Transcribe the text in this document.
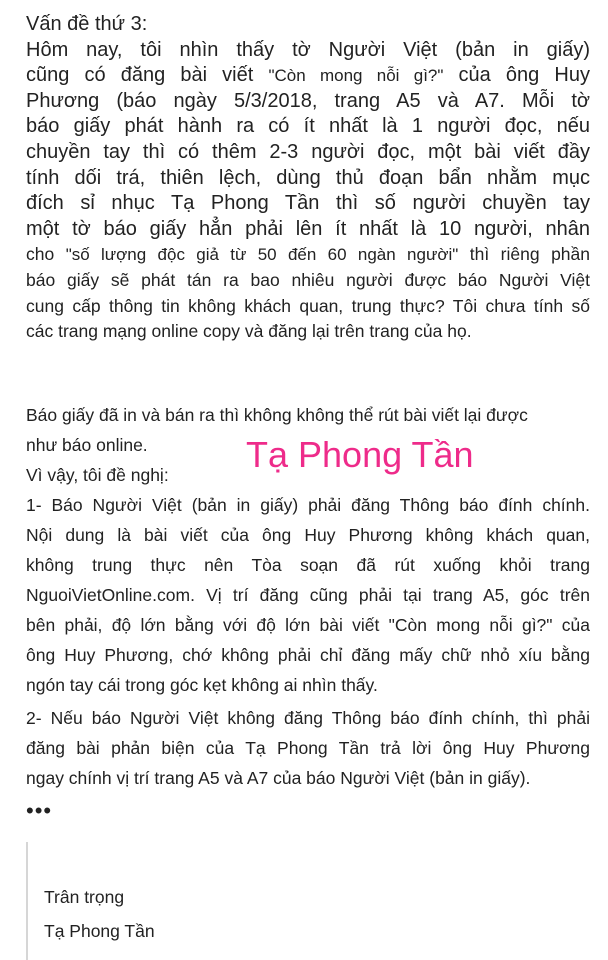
Vấn đề thứ 3:
Hôm nay, tôi nhìn thấy tờ Người Việt (bản in giấy)
cũng có đăng bài viết "Còn mong nỗi gì?" của ông Huy
Phương (báo ngày 5/3/2018, trang A5 và A7. Mỗi tờ
báo giấy phát hành ra có ít nhất là 1 người đọc, nếu
chuyền tay thì có thêm 2-3 người đọc, một bài viết đầy
tính dối trá, thiên lệch, dùng thủ đoạn bẩn nhằm mục
đích sỉ nhục Tạ Phong Tần thì số người chuyền tay
một tờ báo giấy hẳn phải lên ít nhất là 10 người, nhân
cho "số lượng độc giả từ 50 đến 60 ngàn người" thì riêng phần
báo giấy sẽ phát tán ra bao nhiêu người được báo Người Việt
cung cấp thông tin không khách quan, trung thực? Tôi chưa tính số
các trang mạng online copy và đăng lại trên trang của họ.
Báo giấy đã in và bán ra thì không không thể rút bài viết lại được
như báo online.
Vì vậy, tôi đề nghị:
1- Báo Người Việt (bản in giấy) phải đăng Thông báo đính chính.
Nội dung là bài viết của ông Huy Phương không khách quan,
không trung thực nên Tòa soạn đã rút xuống khỏi trang
NguoiVietOnline.com. Vị trí đăng cũng phải tại trang A5, góc trên
bên phải, độ lớn bằng với độ lớn bài viết "Còn mong nỗi gì?" của
ông Huy Phương, chớ không phải chỉ đăng mấy chữ nhỏ xíu bằng
ngón tay cái trong góc kẹt không ai nhìn thấy.
Tạ Phong Tần
2- Nếu báo Người Việt không đăng Thông báo đính chính, thì phải
đăng bài phản biện của Tạ Phong Tần trả lời ông Huy Phương
ngay chính vị trí trang A5 và A7 của báo Người Việt (bản in giấy).
•••
Trân trọng
Tạ Phong Tần
